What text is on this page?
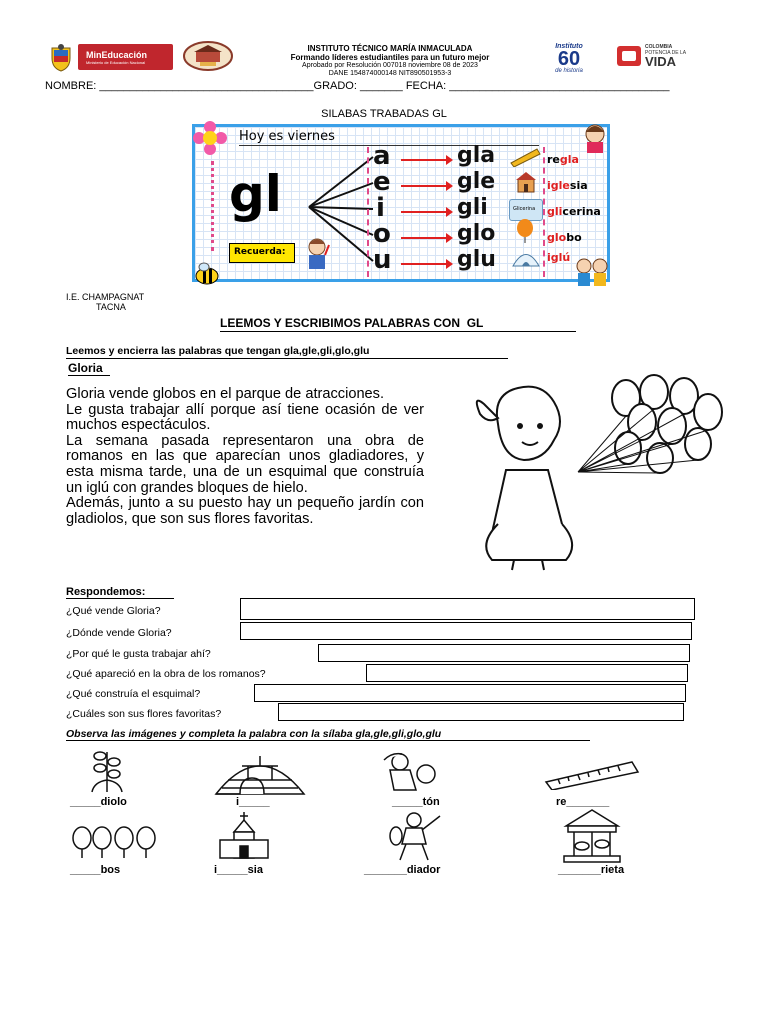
MinEducación
Ministerio de Educación Nacional
INSTITUTO TÉCNICO MARÍA INMACULADA
Formando líderes estudiantiles para un futuro mejor
Aprobado por Resolución 007018 noviembre 08 de 2023
DANE 154874000148 NIT890501953-3
Instituto
60
de historia
COLOMBIA
POTENCIA DE LA
VIDA
NOMBRE: ___________________________________GRADO: _______ FECHA: ____________________________________
SILABAS TRABADAS GL
Hoy es viernes
gl
Recuerda:
a
e
i
o
u
gla
gle
gli
glo
glu
Glicerina
regla
iglesia
glicerina
globo
iglú
I.E. CHAMPAGNAT
TACNA
LEEMOS Y ESCRIBIMOS PALABRAS CON  GL
Leemos y encierra las palabras que tengan gla,gle,gli,glo,glu
Gloria

Gloria vende globos en el parque de atracciones.

Le gusta trabajar allí porque así tiene ocasión de ver muchos espectáculos.

La semana pasada representaron una obra de romanos en las que aparecían unos gladiadores, y esta misma tarde, una de un esquimal que construía un iglú con grandes bloques de hielo.

Además, junto a su puesto hay un pequeño jardín con gladiolos, que son sus flores favoritas.

Respondemos:
¿Qué vende Gloria?
¿Dónde vende Gloria?
¿Por qué le gusta trabajar ahí?
¿Qué apareció en la obra de los romanos?
¿Qué construía el esquimal?
¿Cuáles son sus flores favoritas?
Observa las imágenes y completa la palabra con la sílaba gla,gle,gli,glo,glu
_____diolo	i_____	_____tón	re_______
_____bos	i_____sia	_______diador	_______rieta
